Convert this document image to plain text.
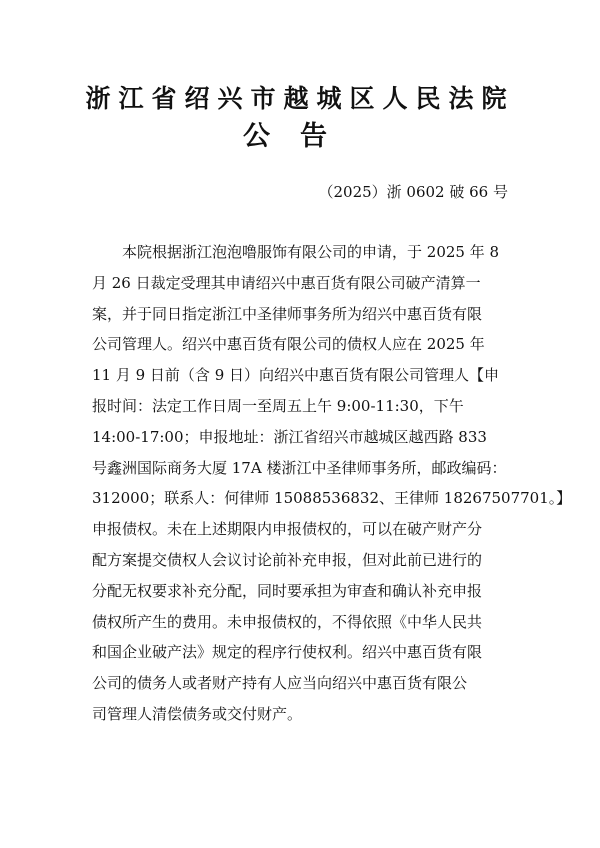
浙江省绍兴市越城区人民法院
公告
（2025）浙 0602 破 66 号
　　本院根据浙江泡泡噜服饰有限公司的申请，于 2025 年 8
月 26 日裁定受理其申请绍兴中惠百货有限公司破产清算一
案，并于同日指定浙江中圣律师事务所为绍兴中惠百货有限
公司管理人。绍兴中惠百货有限公司的债权人应在 2025 年
11 月 9 日前（含 9 日）向绍兴中惠百货有限公司管理人【申
报时间：法定工作日周一至周五上午 9:00-11:30，下午
14:00-17:00；申报地址：浙江省绍兴市越城区越西路 833
号鑫洲国际商务大厦 17A 楼浙江中圣律师事务所，邮政编码：
312000；联系人：何律师 15088536832、王律师 18267507701。】
申报债权。未在上述期限内申报债权的，可以在破产财产分
配方案提交债权人会议讨论前补充申报，但对此前已进行的
分配无权要求补充分配，同时要承担为审查和确认补充申报
债权所产生的费用。未申报债权的，不得依照《中华人民共
和国企业破产法》规定的程序行使权利。绍兴中惠百货有限
公司的债务人或者财产持有人应当向绍兴中惠百货有限公
司管理人清偿债务或交付财产。
